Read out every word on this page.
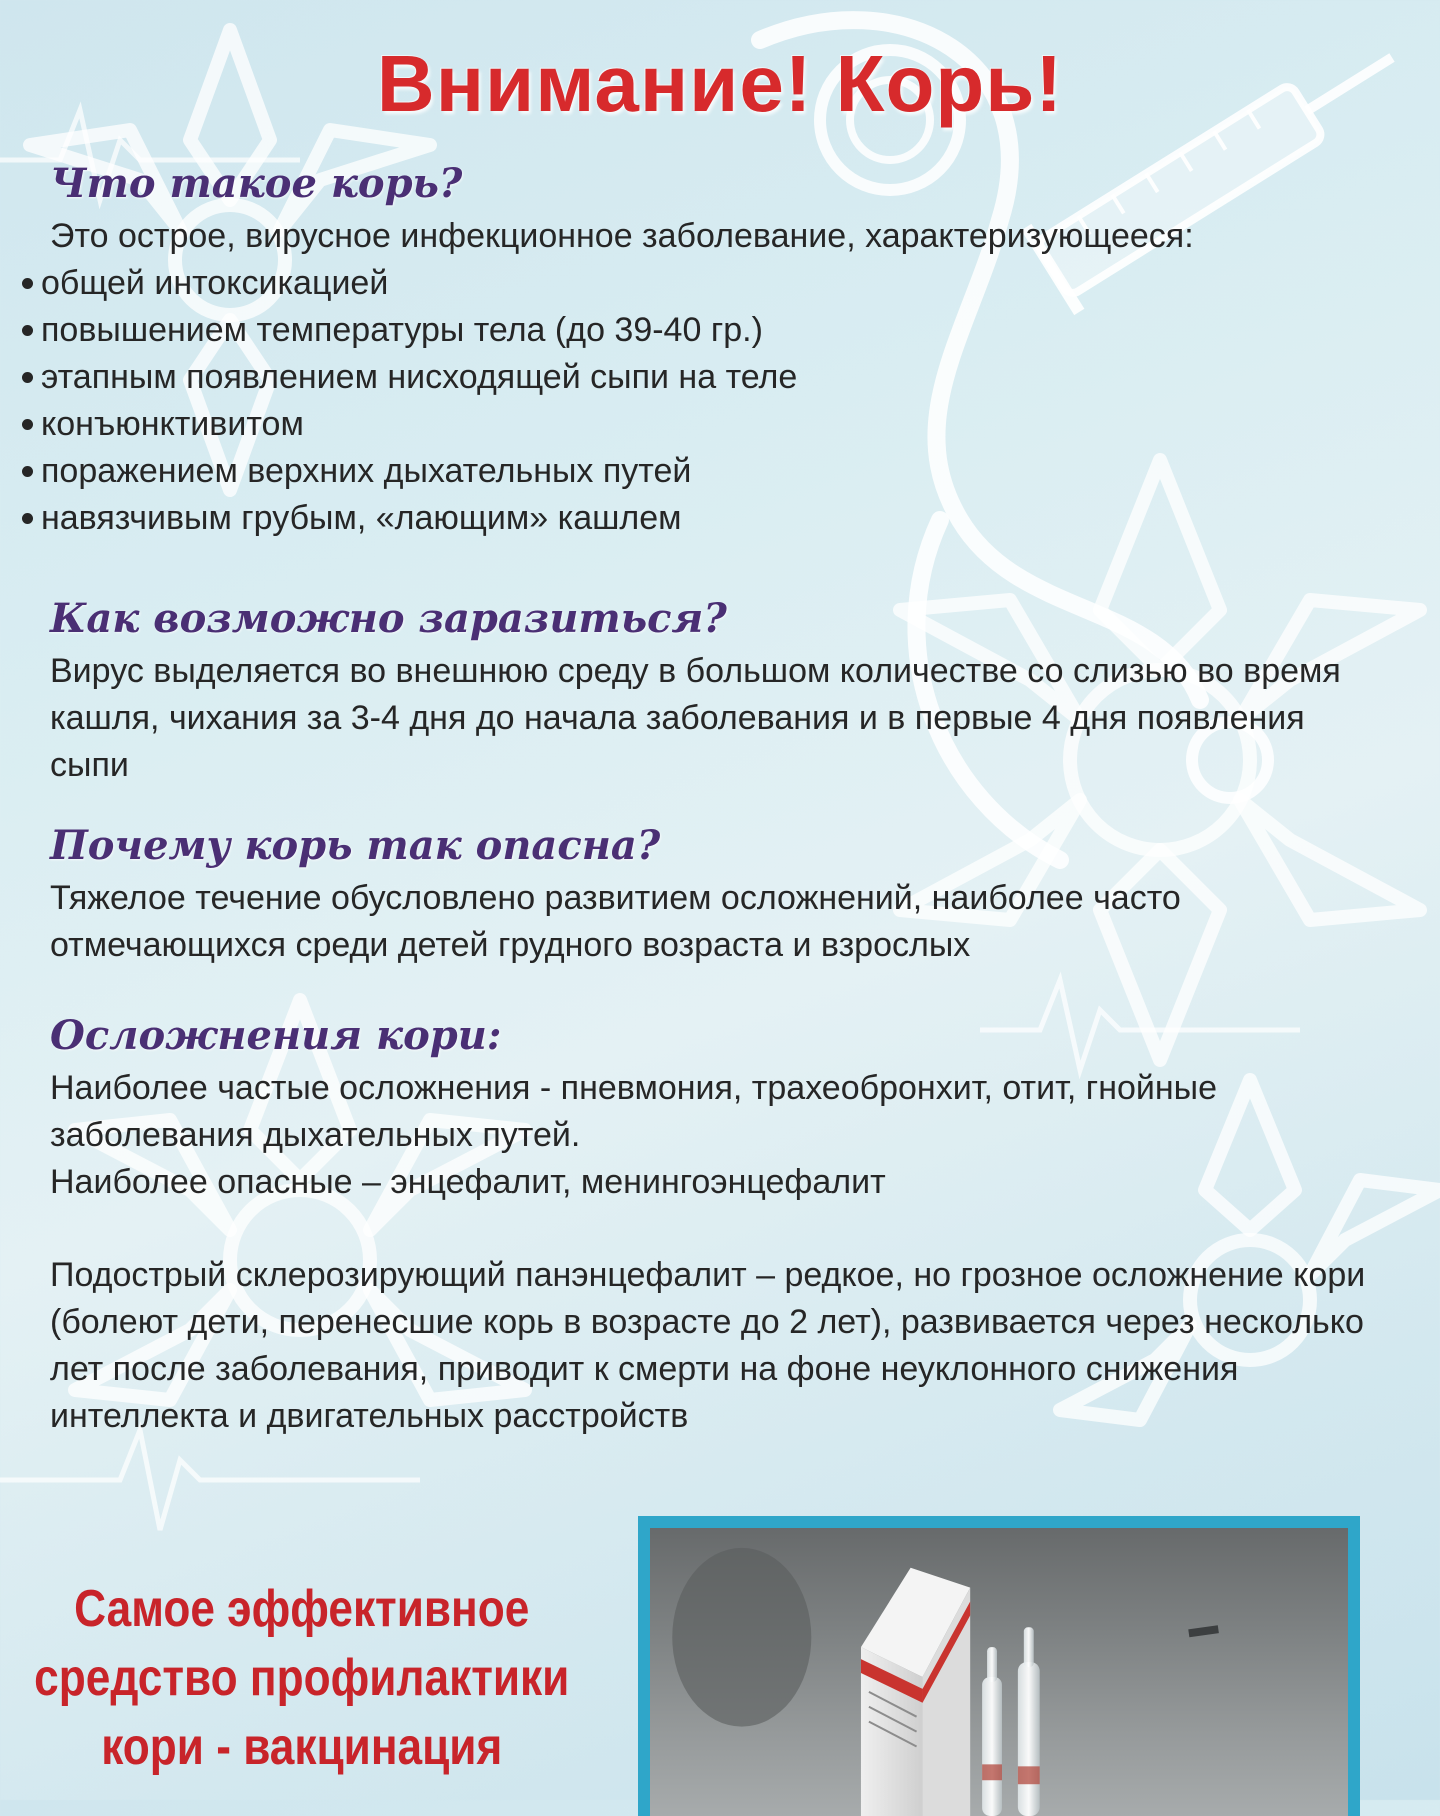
Внимание! Корь!
Что такое корь?

Это острое, вирусное инфекционное заболевание, характеризующееся:

общей интоксикацией
повышением температуры тела (до 39-40 гр.)
этапным появлением нисходящей сыпи на теле
конъюнктивитом
поражением верхних дыхательных путей
навязчивым грубым, «лающим» кашлем
Как возможно заразиться?

Вирус выделяется во внешнюю среду в большом количестве со слизью во время кашля, чихания за 3-4 дня до начала заболевания и в первые 4 дня появления сыпи

Почему корь так опасна?

Тяжелое течение обусловлено развитием осложнений, наиболее часто отмечающихся среди детей грудного возраста и взрослых

Осложнения кори:

Наиболее частые осложнения - пневмония, трахеобронхит, отит, гнойные заболевания дыхательных путей.

Наиболее опасные – энцефалит, менингоэнцефалит

Подострый склерозирующий панэнцефалит – редкое, но грозное осложнение кори (болеют дети, перенесшие корь в возрасте до 2 лет), развивается через несколько лет после заболевания, приводит к смерти на фоне неуклонного снижения интеллекта и двигательных расстройств

Самое эффективное
средство профилактики
кори - вакцинация
